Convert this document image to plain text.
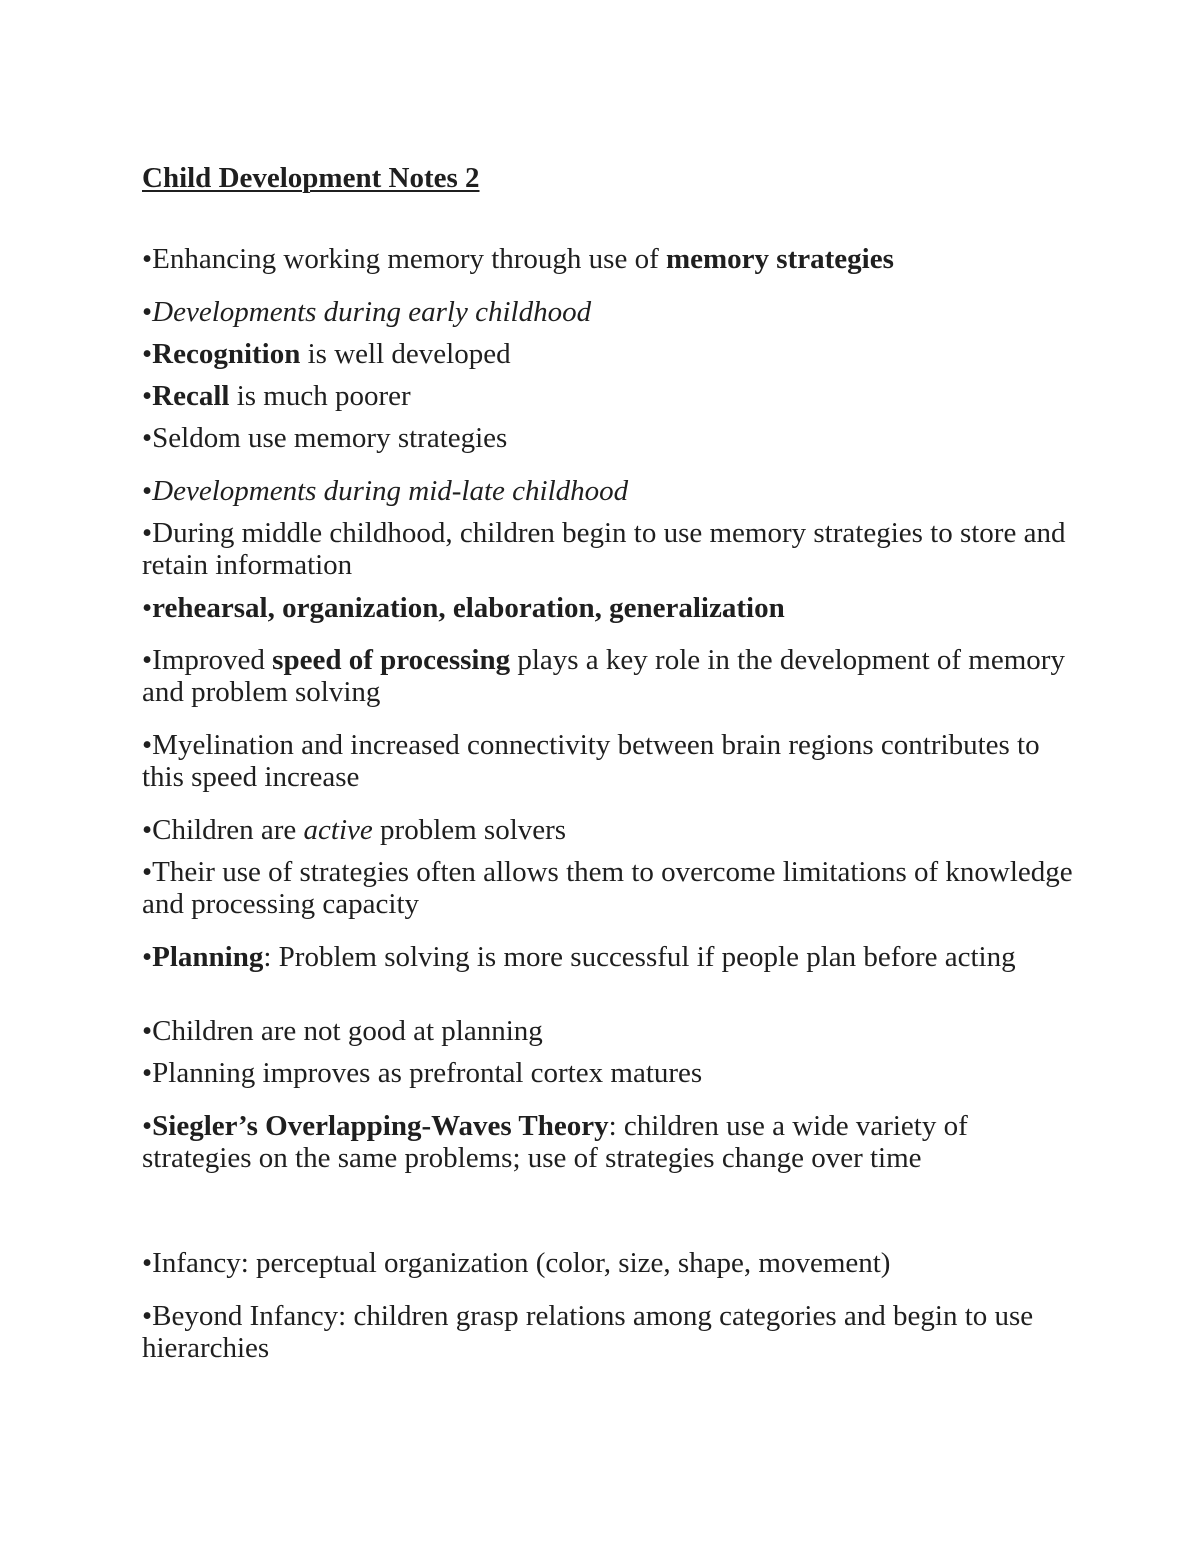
Child Development Notes 2
•Enhancing working memory through use of memory strategies
•Developments during early childhood
•Recognition is well developed
•Recall is much poorer
•Seldom use memory strategies
•Developments during mid-late childhood
•During middle childhood, children begin to use memory strategies to store and retain information
•rehearsal, organization, elaboration, generalization
•Improved speed of processing plays a key role in the development of memory and problem solving
•Myelination and increased connectivity between brain regions contributes to this speed increase
•Children are active problem solvers
•Their use of strategies often allows them to overcome limitations of knowledge and processing capacity
•Planning: Problem solving is more successful if people plan before acting
•Children are not good at planning
•Planning improves as prefrontal cortex matures
•Siegler’s Overlapping-Waves Theory: children use a wide variety of strategies on the same problems; use of strategies change over time
•Infancy: perceptual organization (color, size, shape, movement)
•Beyond Infancy: children grasp relations among categories and begin to use hierarchies
